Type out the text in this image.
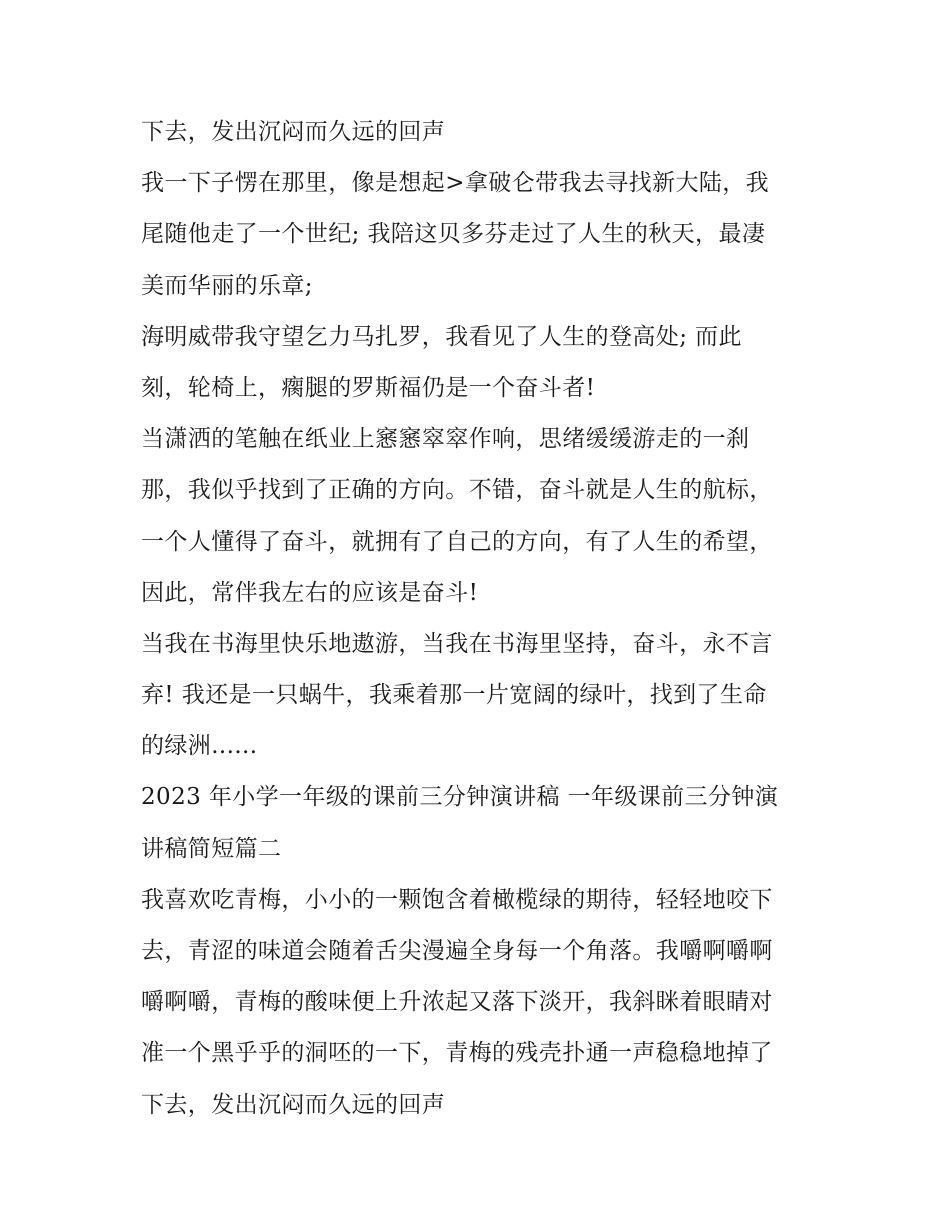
下去，发出沉闷而久远的回声
我一下子愣在那里，像是想起>拿破仑带我去寻找新大陆，我
尾随他走了一个世纪; 我陪这贝多芬走过了人生的秋天，最凄
美而华丽的乐章;
海明威带我守望乞力马扎罗，我看见了人生的登高处; 而此
刻，轮椅上，瘸腿的罗斯福仍是一个奋斗者!
当潇洒的笔触在纸业上窸窸窣窣作响，思绪缓缓游走的一刹
那，我似乎找到了正确的方向。不错，奋斗就是人生的航标，
一个人懂得了奋斗，就拥有了自己的方向，有了人生的希望，
因此，常伴我左右的应该是奋斗!
当我在书海里快乐地遨游，当我在书海里坚持，奋斗，永不言
弃! 我还是一只蜗牛，我乘着那一片宽阔的绿叶，找到了生命
的绿洲......
2023 年小学一年级的课前三分钟演讲稿 一年级课前三分钟演
讲稿简短篇二
我喜欢吃青梅，小小的一颗饱含着橄榄绿的期待，轻轻地咬下
去，青涩的味道会随着舌尖漫遍全身每一个角落。我嚼啊嚼啊
嚼啊嚼，青梅的酸味便上升浓起又落下淡开，我斜眯着眼睛对
准一个黑乎乎的洞呸的一下，青梅的残壳扑通一声稳稳地掉了
下去，发出沉闷而久远的回声
